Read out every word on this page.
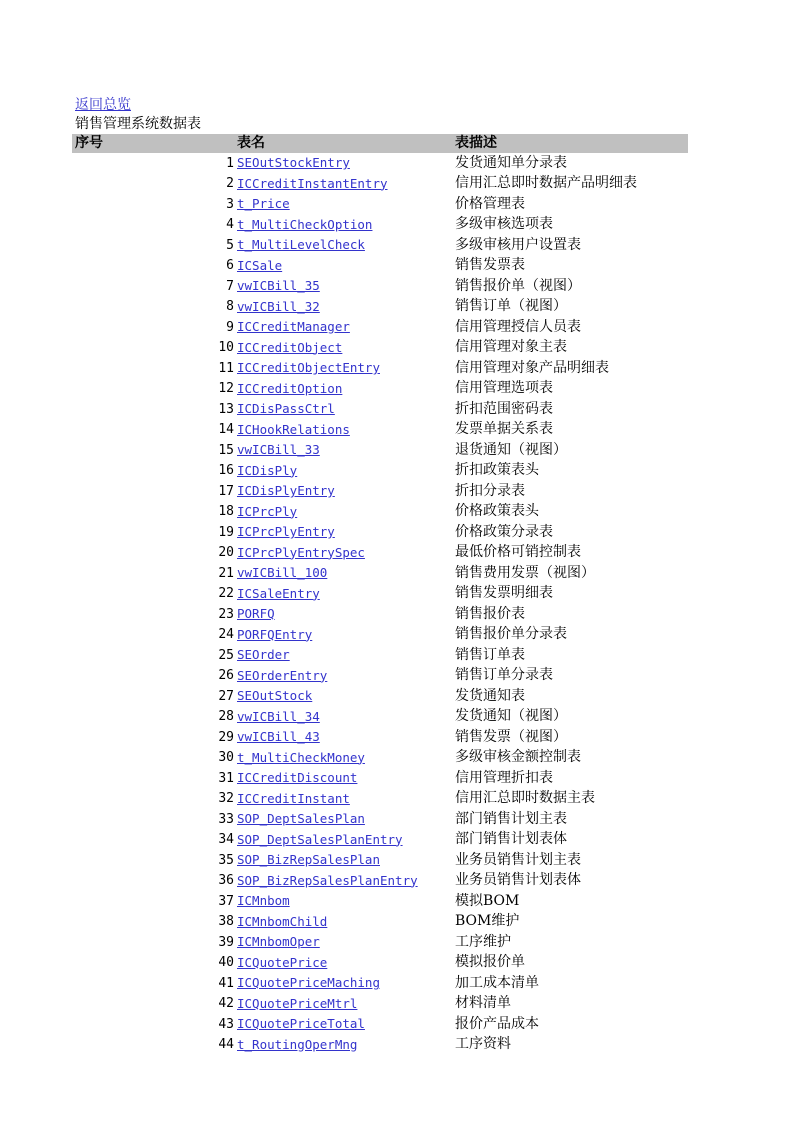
返回总览
销售管理系统数据表
序号	表名	表描述
1	SEOutStockEntry	发货通知单分录表
2	ICCreditInstantEntry	信用汇总即时数据产品明细表
3	t_Price	价格管理表
4	t_MultiCheckOption	多级审核选项表
5	t_MultiLevelCheck	多级审核用户设置表
6	ICSale	销售发票表
7	vwICBill_35	销售报价单（视图）
8	vwICBill_32	销售订单（视图）
9	ICCreditManager	信用管理授信人员表
10	ICCreditObject	信用管理对象主表
11	ICCreditObjectEntry	信用管理对象产品明细表
12	ICCreditOption	信用管理选项表
13	ICDisPassCtrl	折扣范围密码表
14	ICHookRelations	发票单据关系表
15	vwICBill_33	退货通知（视图）
16	ICDisPly	折扣政策表头
17	ICDisPlyEntry	折扣分录表
18	ICPrcPly	价格政策表头
19	ICPrcPlyEntry	价格政策分录表
20	ICPrcPlyEntrySpec	最低价格可销控制表
21	vwICBill_100	销售费用发票（视图）
22	ICSaleEntry	销售发票明细表
23	PORFQ	销售报价表
24	PORFQEntry	销售报价单分录表
25	SEOrder	销售订单表
26	SEOrderEntry	销售订单分录表
27	SEOutStock	发货通知表
28	vwICBill_34	发货通知（视图）
29	vwICBill_43	销售发票（视图）
30	t_MultiCheckMoney	多级审核金额控制表
31	ICCreditDiscount	信用管理折扣表
32	ICCreditInstant	信用汇总即时数据主表
33	SOP_DeptSalesPlan	部门销售计划主表
34	SOP_DeptSalesPlanEntry	部门销售计划表体
35	SOP_BizRepSalesPlan	业务员销售计划主表
36	SOP_BizRepSalesPlanEntry	业务员销售计划表体
37	ICMnbom	模拟BOM
38	ICMnbomChild	BOM维护
39	ICMnbomOper	工序维护
40	ICQuotePrice	模拟报价单
41	ICQuotePriceMaching	加工成本清单
42	ICQuotePriceMtrl	材料清单
43	ICQuotePriceTotal	报价产品成本
44	t_RoutingOperMng	工序资料
